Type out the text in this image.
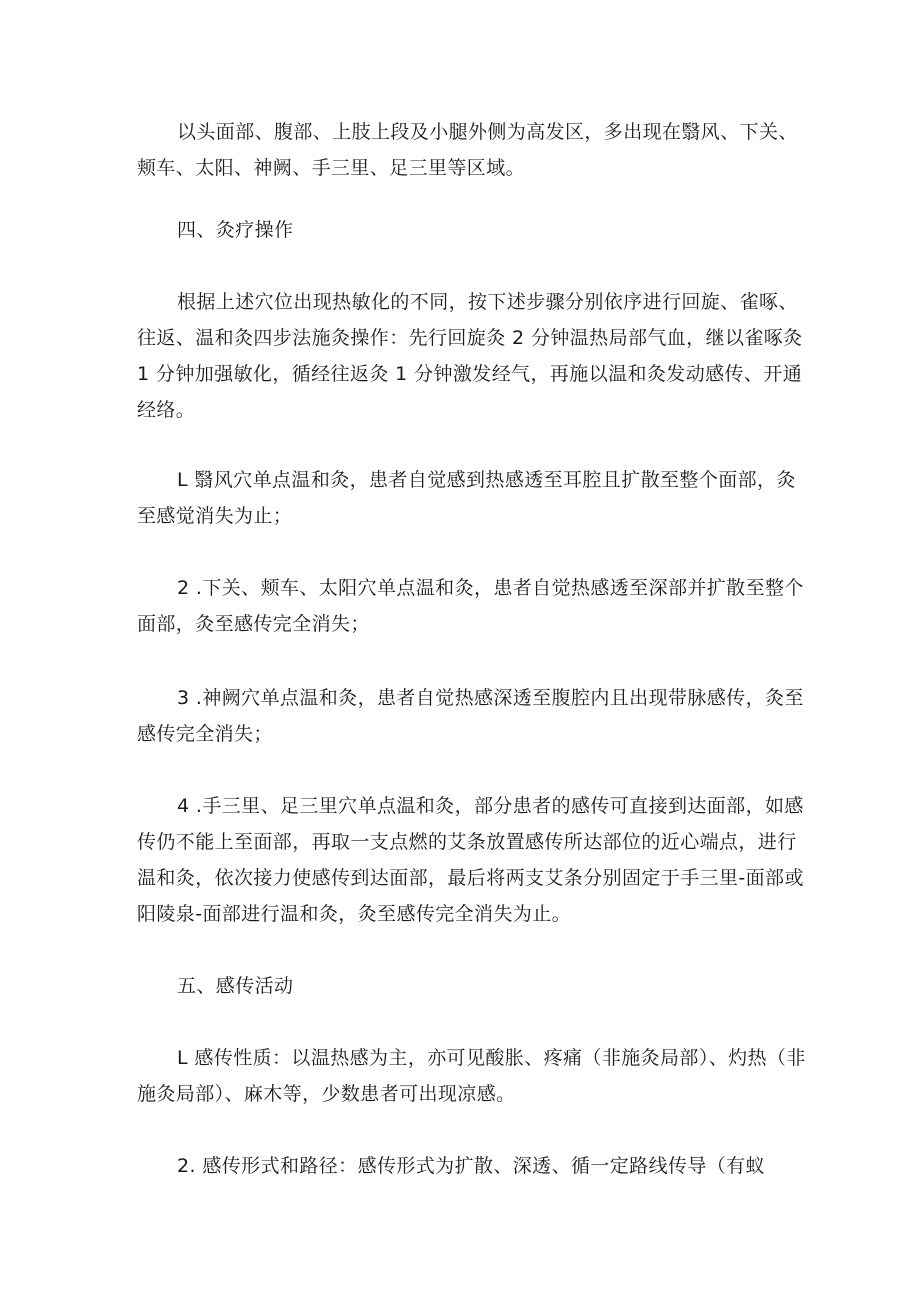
以头面部、腹部、上肢上段及小腿外侧为高发区，多出现在翳风、下关、颊车、太阳、神阙、手三里、足三里等区域。

四、灸疗操作

根据上述穴位出现热敏化的不同，按下述步骤分别依序进行回旋、雀啄、往返、温和灸四步法施灸操作：先行回旋灸 2 分钟温热局部气血，继以雀啄灸 1 分钟加强敏化，循经往返灸 1 分钟激发经气，再施以温和灸发动感传、开通经络。

L 翳风穴单点温和灸，患者自觉感到热感透至耳腔且扩散至整个面部，灸至感觉消失为止；

2 .下关、颊车、太阳穴单点温和灸，患者自觉热感透至深部并扩散至整个面部，灸至感传完全消失；

3 .神阙穴单点温和灸，患者自觉热感深透至腹腔内且出现带脉感传，灸至感传完全消失；

4 .手三里、足三里穴单点温和灸，部分患者的感传可直接到达面部，如感传仍不能上至面部，再取一支点燃的艾条放置感传所达部位的近心端点，进行温和灸，依次接力使感传到达面部，最后将两支艾条分别固定于手三里-面部或阳陵泉-面部进行温和灸，灸至感传完全消失为止。

五、感传活动

L 感传性质：以温热感为主，亦可见酸胀、疼痛（非施灸局部）、灼热（非施灸局部）、麻木等，少数患者可出现凉感。

2. 感传形式和路径：感传形式为扩散、深透、循一定路线传导（有蚁
